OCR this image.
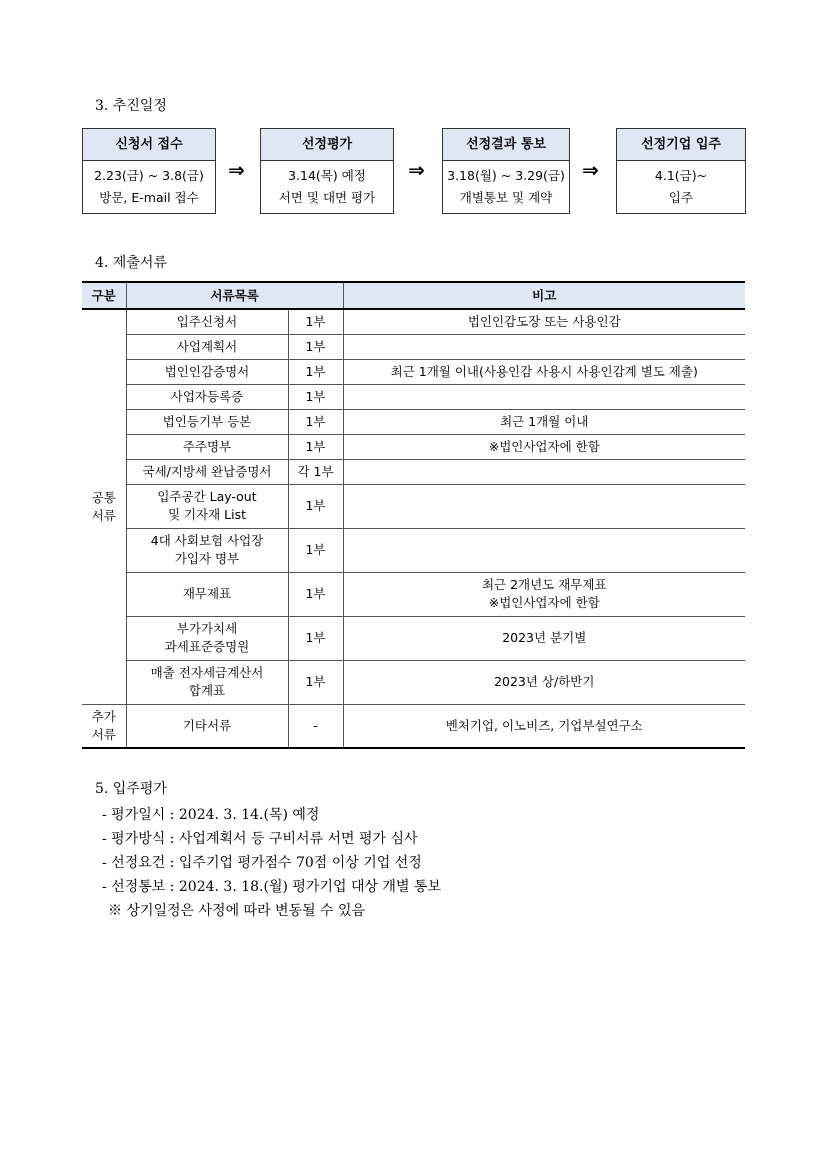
3. 추진일정
신청서 접수
2.23(금) ~ 3.8(금)
방문, E-mail 접수
⇒
선정평가
3.14(목) 예정
서면 및 대면 평가
⇒
선정결과 통보
3.18(월) ~ 3.29(금)
개별통보 및 계약
⇒
선정기업 입주
4.1(금)~
입주
4. 제출서류
구분	서류목록		비고
공통
서류	입주신청서	1부	법인인감도장 또는 사용인감
	사업계획서	1부	
	법인인감증명서	1부	최근 1개월 이내(사용인감 사용시 사용인감계 별도 제출)
	사업자등록증	1부	
	법인등기부 등본	1부	최근 1개월 이내
	주주명부	1부	※법인사업자에 한함
	국세/지방세 완납증명서	각 1부	
	입주공간 Lay-out
및 기자재 List	1부	
	4대 사회보험 사업장
가입자 명부	1부	
	재무제표	1부	최근 2개년도 재무제표
※법인사업자에 한함
	부가가치세
과세표준증명원	1부	2023년 분기별
	매출 전자세금계산서
합계표	1부	2023년 상/하반기
추가
서류	기타서류	-	벤처기업, 이노비즈, 기업부설연구소
5. 입주평가
- 평가일시 : 2024. 3. 14.(목) 예정
- 평가방식 : 사업계획서 등 구비서류 서면 평가 심사
- 선정요건 : 입주기업 평가점수 70점 이상 기업 선정
- 선정통보 : 2024. 3. 18.(월) 평가기업 대상 개별 통보
※ 상기일정은 사정에 따라 변동될 수 있음
